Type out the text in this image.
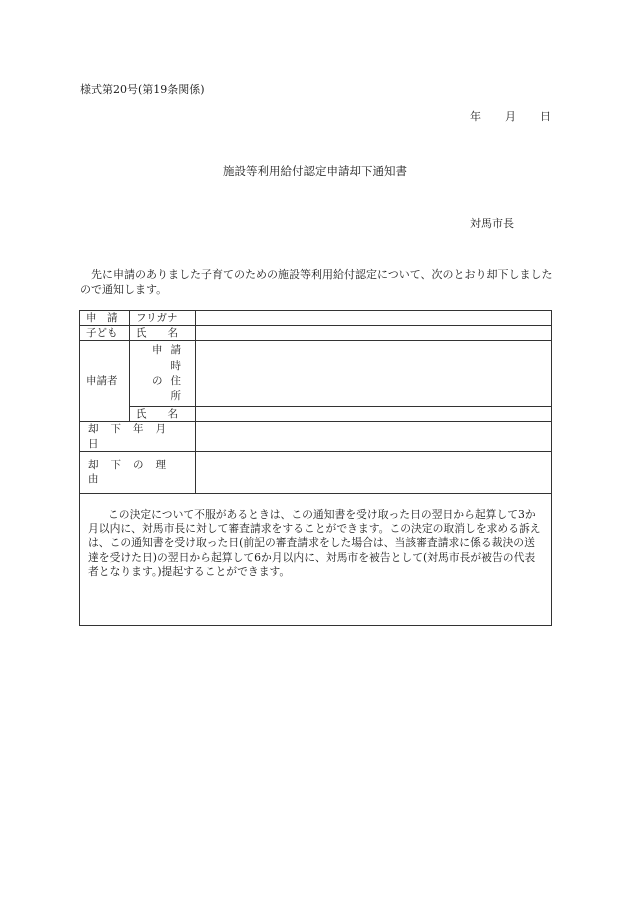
様式第20号(第19条関係)
年 月 日
施設等利用給付認定申請却下通知書
対馬市長
先に申請のありました子育てのための施設等利用給付認定について、次のとおり却下しましたので通知します。
申　請	フリガナ	

子ども	氏　　名	

申請者	申請時
の住所	

	氏　　名	

却下年月日		

却下の理由		

この決定について不服があるときは、この通知書を受け取った日の翌日から起算して3か月以内に、対馬市長に対して審査請求をすることができます。この決定の取消しを求める訴えは、この通知書を受け取った日(前記の審査請求をした場合は、当該審査請求に係る裁決の送達を受けた日)の翌日から起算して6か月以内に、対馬市を被告として(対馬市長が被告の代表者となります。)提起することができます。		
